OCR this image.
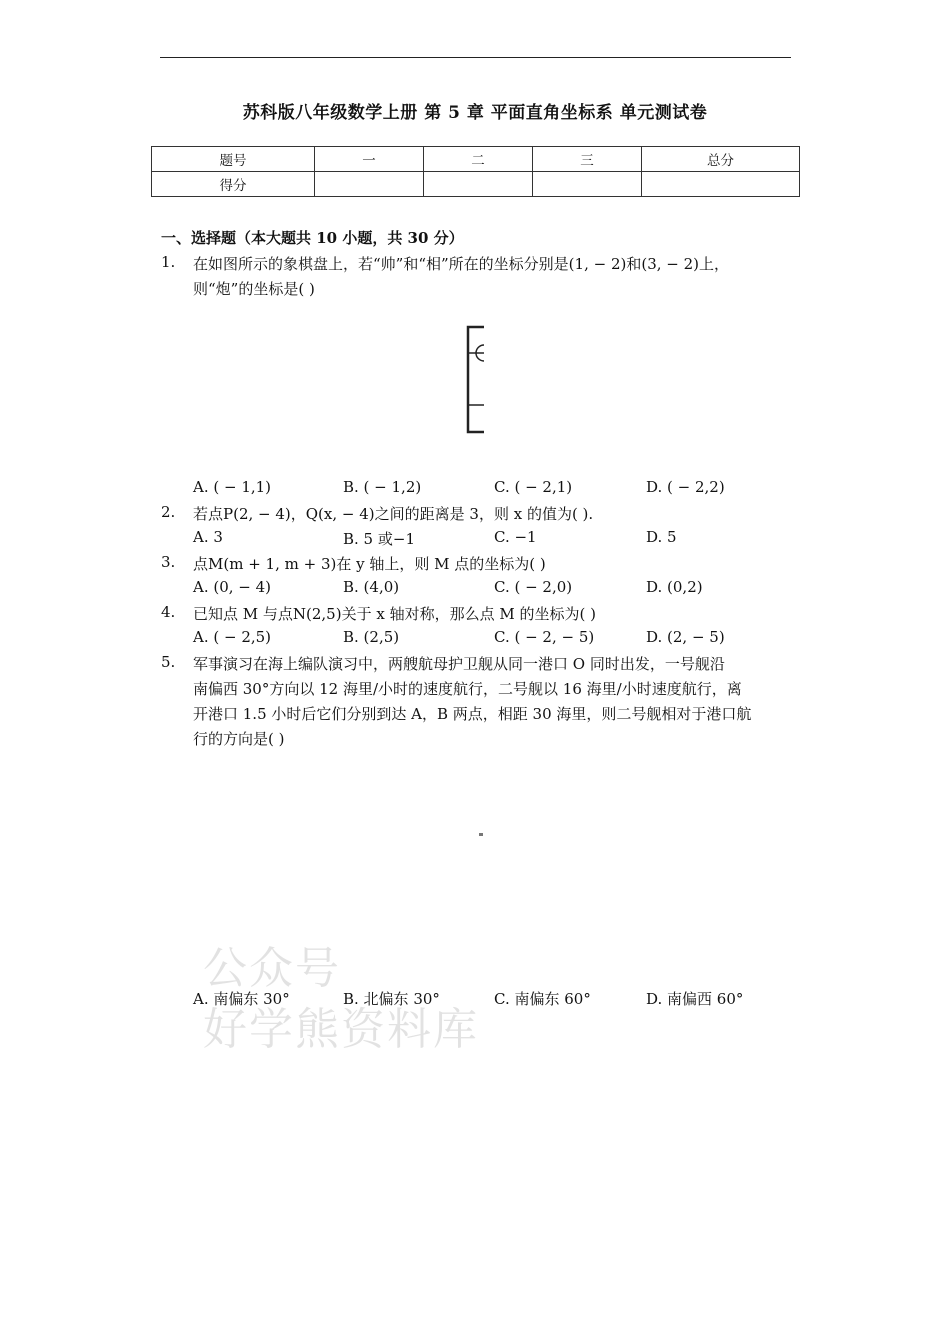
苏科版八年级数学上册 第 5 章 平面直角坐标系 单元测试卷
题号	一	二	三	总分
得分				
一、选择题（本大题共 10 小题，共 30 分）
1. 在如图所示的象棋盘上，若“帅”和“相”所在的坐标分别是(1, − 2)和(3, − 2)上，
则“炮”的坐标是( )
A. ( − 1,1)	B. ( − 1,2)	C. ( − 2,1)	D. ( − 2,2)
2. 若点P(2, − 4)，Q(x, − 4)之间的距离是 3，则 x 的值为( ).
A. 3	B. 5 或−1	C. −1	D. 5
3. 点M(m + 1, m + 3)在 y 轴上，则 M 点的坐标为( )
A. (0, − 4)	B. (4,0)	C. ( − 2,0)	D. (0,2)
4. 已知点 M 与点N(2,5)关于 x 轴对称，那么点 M 的坐标为( )
A. ( − 2,5)	B. (2,5)	C. ( − 2, − 5)	D. (2, − 5)
5. 军事演习在海上编队演习中，两艘航母护卫舰从同一港口 O 同时出发，一号舰沿
南偏西 30°方向以 12 海里/小时的速度航行，二号舰以 16 海里/小时速度航行，离
开港口 1.5 小时后它们分别到达 A，B 两点，相距 30 海里，则二号舰相对于港口航
行的方向是( )
公众号
好学熊资料库
A. 南偏东 30°	B. 北偏东 30°	C. 南偏东 60°	D. 南偏西 60°
